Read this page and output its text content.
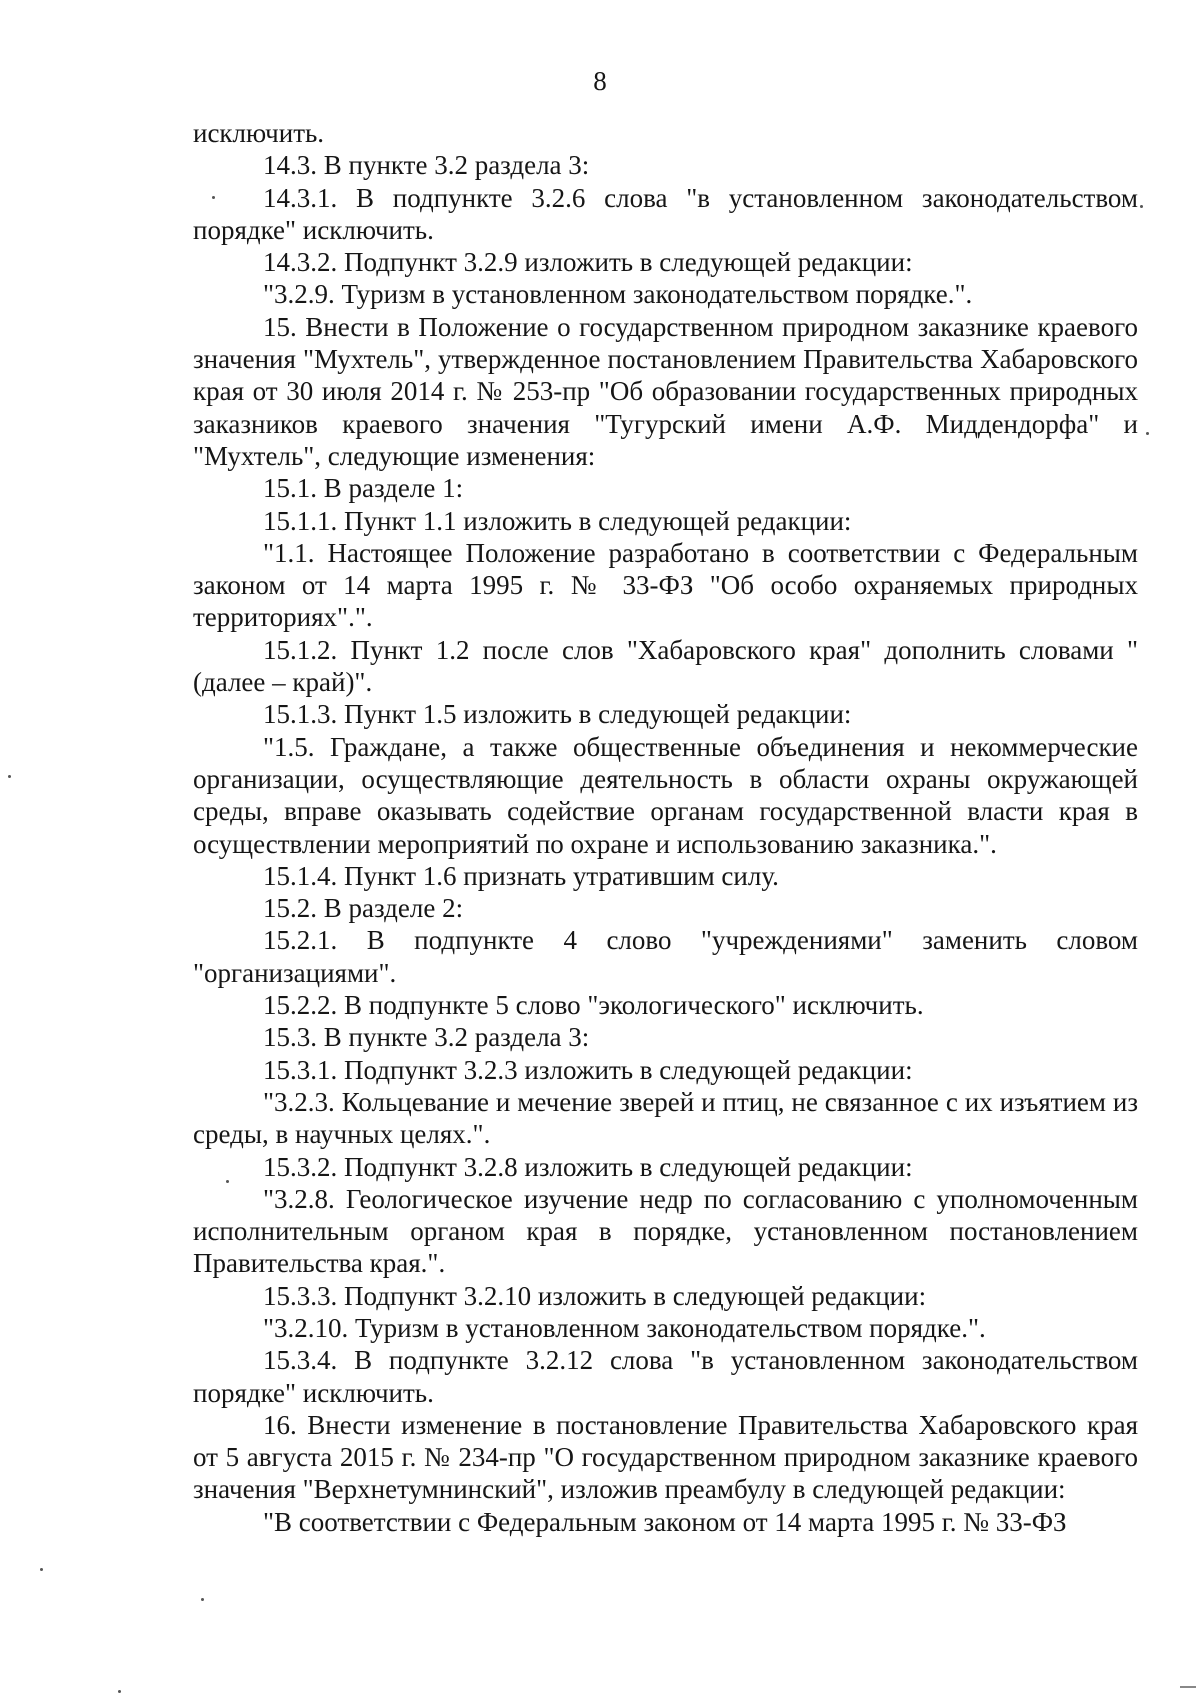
8

исключить.

14.3. В пункте 3.2 раздела 3:

14.3.1. В подпункте 3.2.6 слова "в установленном законодательством порядке" исключить.

14.3.2. Подпункт 3.2.9 изложить в следующей редакции:

"3.2.9. Туризм в установленном законодательством порядке.".

15. Внести в Положение о государственном природном заказнике краевого значения "Мухтель", утвержденное постановлением Правительства Хабаровского края от 30 июля 2014 г. № 253-пр "Об образовании государственных природных заказников краевого значения "Тугурский имени А.Ф. Миддендорфа" и "Мухтель", следующие изменения:

15.1. В разделе 1:

15.1.1. Пункт 1.1 изложить в следующей редакции:

"1.1. Настоящее Положение разработано в соответствии с Федеральным законом от 14 марта 1995 г. № 33-ФЗ "Об особо охраняемых природных территориях".".

15.1.2. Пункт 1.2 после слов "Хабаровского края" дополнить словами "(далее – край)".

15.1.3. Пункт 1.5 изложить в следующей редакции:

"1.5. Граждане, а также общественные объединения и некоммерческие организации, осуществляющие деятельность в области охраны окружающей среды, вправе оказывать содействие органам государственной власти края в осуществлении мероприятий по охране и использованию заказника.".

15.1.4. Пункт 1.6 признать утратившим силу.

15.2. В разделе 2:

15.2.1. В подпункте 4 слово "учреждениями" заменить словом "организациями".

15.2.2. В подпункте 5 слово "экологического" исключить.

15.3. В пункте 3.2 раздела 3:

15.3.1. Подпункт 3.2.3 изложить в следующей редакции:

"3.2.3. Кольцевание и мечение зверей и птиц, не связанное с их изъятием из среды, в научных целях.".

15.3.2. Подпункт 3.2.8 изложить в следующей редакции:

"3.2.8. Геологическое изучение недр по согласованию с уполномоченным исполнительным органом края в порядке, установленном постановлением Правительства края.".

15.3.3. Подпункт 3.2.10 изложить в следующей редакции:

"3.2.10. Туризм в установленном законодательством порядке.".

15.3.4. В подпункте 3.2.12 слова "в установленном законодательством порядке" исключить.

16. Внести изменение в постановление Правительства Хабаровского края от 5 августа 2015 г. № 234-пр "О государственном природном заказнике краевого значения "Верхнетумнинский", изложив преамбулу в следующей редакции:

"В соответствии с Федеральным законом от 14 марта 1995 г. № 33-ФЗ
